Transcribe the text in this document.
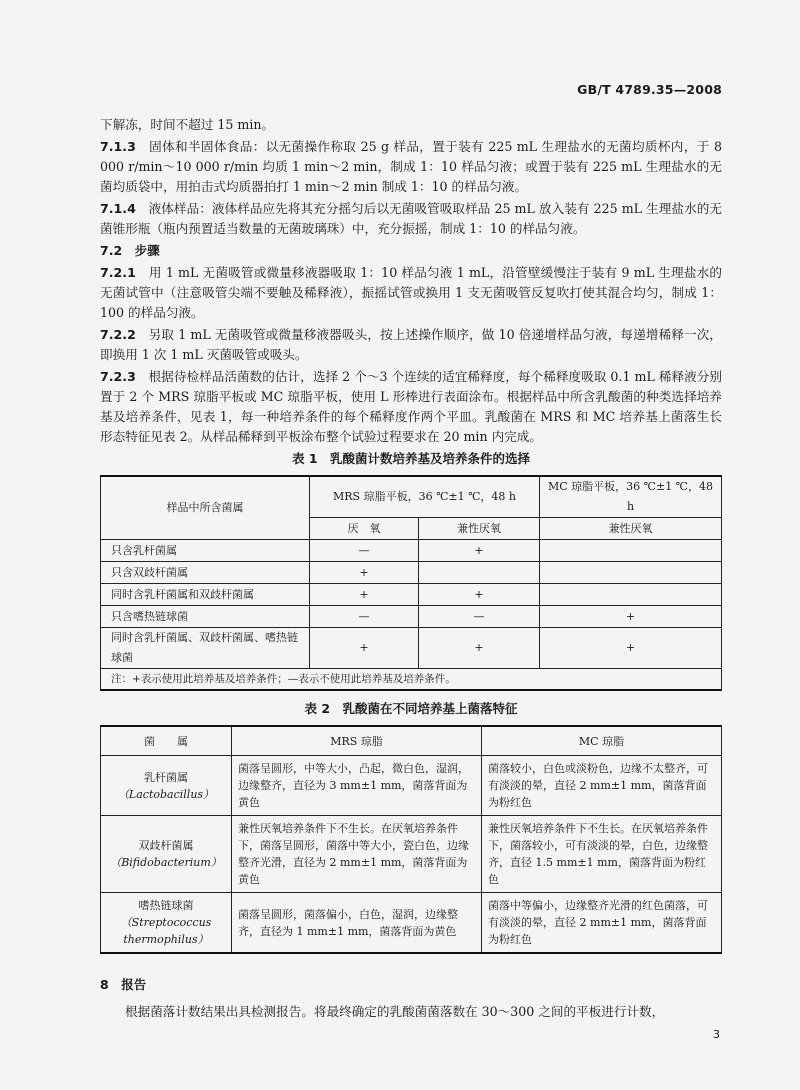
GB/T 4789.35—2008

下解冻，时间不超过 15 min。

7.1.3　 固体和半固体食品：以无菌操作称取 25 g 样品，置于装有 225 mL 生理盐水的无菌均质杯内，于 8 000 r/min～10 000 r/min 均质 1 min～2 min，制成 1：10 样品匀液；或置于装有 225 mL 生理盐水的无菌均质袋中，用拍击式均质器拍打 1 min～2 min 制成 1：10 的样品匀液。

7.1.4　 液体样品：液体样品应先将其充分摇匀后以无菌吸管吸取样品 25 mL 放入装有 225 mL 生理盐水的无菌锥形瓶（瓶内预置适当数量的无菌玻璃珠）中，充分振摇，制成 1：10 的样品匀液。

7.2　 步骤

7.2.1　 用 1 mL 无菌吸管或微量移液器吸取 1：10 样品匀液 1 mL，沿管壁缓慢注于装有 9 mL 生理盐水的无菌试管中（注意吸管尖端不要触及稀释液），振摇试管或换用 1 支无菌吸管反复吹打使其混合均匀，制成 1：100 的样品匀液。

7.2.2　 另取 1 mL 无菌吸管或微量移液器吸头，按上述操作顺序，做 10 倍递增样品匀液，每递增稀释一次，即换用 1 次 1 mL 灭菌吸管或吸头。

7.2.3　 根据待检样品活菌数的估计，选择 2 个～3 个连续的适宜稀释度，每个稀释度吸取 0.1 mL 稀释液分别置于 2 个 MRS 琼脂平板或 MC 琼脂平板，使用 L 形棒进行表面涂布。根据样品中所含乳酸菌的种类选择培养基及培养条件，见表 1，每一种培养条件的每个稀释度作两个平皿。乳酸菌在 MRS 和 MC 培养基上菌落生长形态特征见表 2。从样品稀释到平板涂布整个试验过程要求在 20 min 内完成。

表 1　乳酸菌计数培养基及培养条件的选择
样品中所含菌属	MRS 琼脂平板，36 ℃±1 ℃，48 h		MC 琼脂平板，36 ℃±1 ℃，48 h
	厌　氧	兼性厌氧	兼性厌氧
只含乳杆菌属	—	+	
只含双歧杆菌属	+		
同时含乳杆菌属和双歧杆菌属	+	+	
只含嗜热链球菌	—	—	+
同时含乳杆菌属、双歧杆菌属、嗜热链球菌	+	+	+
注：+表示使用此培养基及培养条件；—表示不使用此培养基及培养条件。			
表 2　乳酸菌在不同培养基上菌落特征
菌　　属	MRS 琼脂	MC 琼脂

乳杆菌属
（Lactobacillus）	菌落呈圆形，中等大小，凸起，微白色，湿润，边缘整齐，直径为 3 mm±1 mm，菌落背面为黄色	菌落较小，白色或淡粉色，边缘不太整齐，可有淡淡的晕，直径 2 mm±1 mm，菌落背面为粉红色

双歧杆菌属
（Bifidobacterium）	兼性厌氧培养条件下不生长。在厌氧培养条件下，菌落呈圆形，菌落中等大小，瓷白色，边缘整齐光滑，直径为 2 mm±1 mm，菌落背面为黄色	兼性厌氧培养条件下不生长。在厌氧培养条件下，菌落较小，可有淡淡的晕，白色，边缘整齐，直径 1.5 mm±1 mm，菌落背面为粉红色

嗜热链球菌
（Streptococcus thermophilus）	菌落呈圆形，菌落偏小，白色，湿润，边缘整齐，直径为 1 mm±1 mm，菌落背面为黄色	菌落中等偏小，边缘整齐光滑的红色菌落，可有淡淡的晕，直径 2 mm±1 mm，菌落背面为粉红色
8　报告
根据菌落计数结果出具检测报告。将最终确定的乳酸菌菌落数在 30～300 之间的平板进行计数，
3
